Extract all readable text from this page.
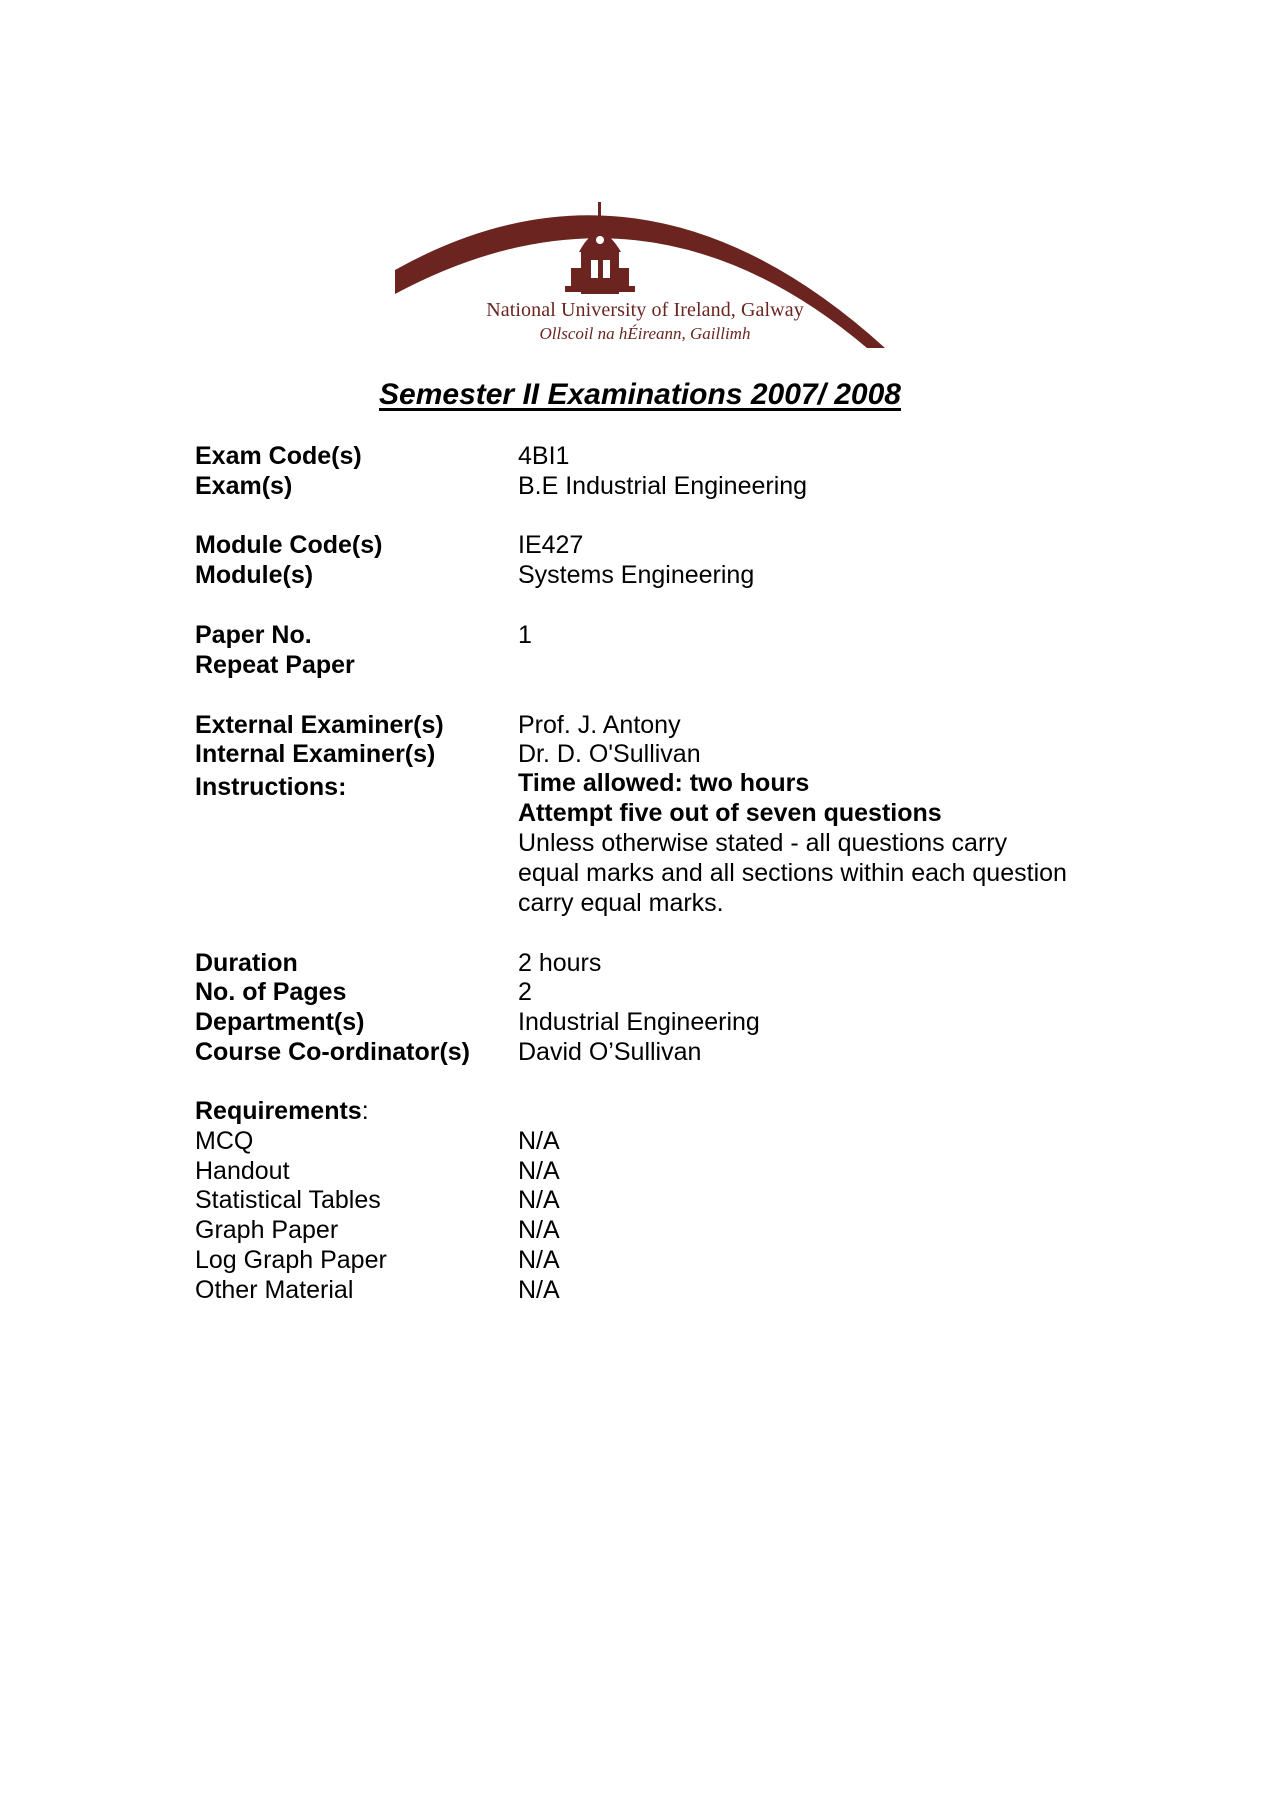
National University of Ireland, Galway
Ollscoil na hÉireann, Gaillimh
Semester II Examinations 2007/ 2008
Exam Code(s)	4BI1
Exam(s)	B.E Industrial Engineering
Module Code(s)	IE427
Module(s)	Systems Engineering
Paper No.	1
Repeat Paper
External Examiner(s)	Prof. J. Antony
Internal Examiner(s)	Dr. D. O'Sullivan
Instructions:	Time allowed: two hours
Attempt five out of seven questions
Unless otherwise stated - all questions carry
equal marks and all sections within each question
carry equal marks.
Duration	2 hours
No. of Pages	2
Department(s)	Industrial Engineering
Course Co-ordinator(s) David O’Sullivan
Requirements:
MCQ	N/A
Handout	N/A
Statistical Tables	N/A
Graph Paper	N/A
Log Graph Paper	N/A
Other Material	N/A
